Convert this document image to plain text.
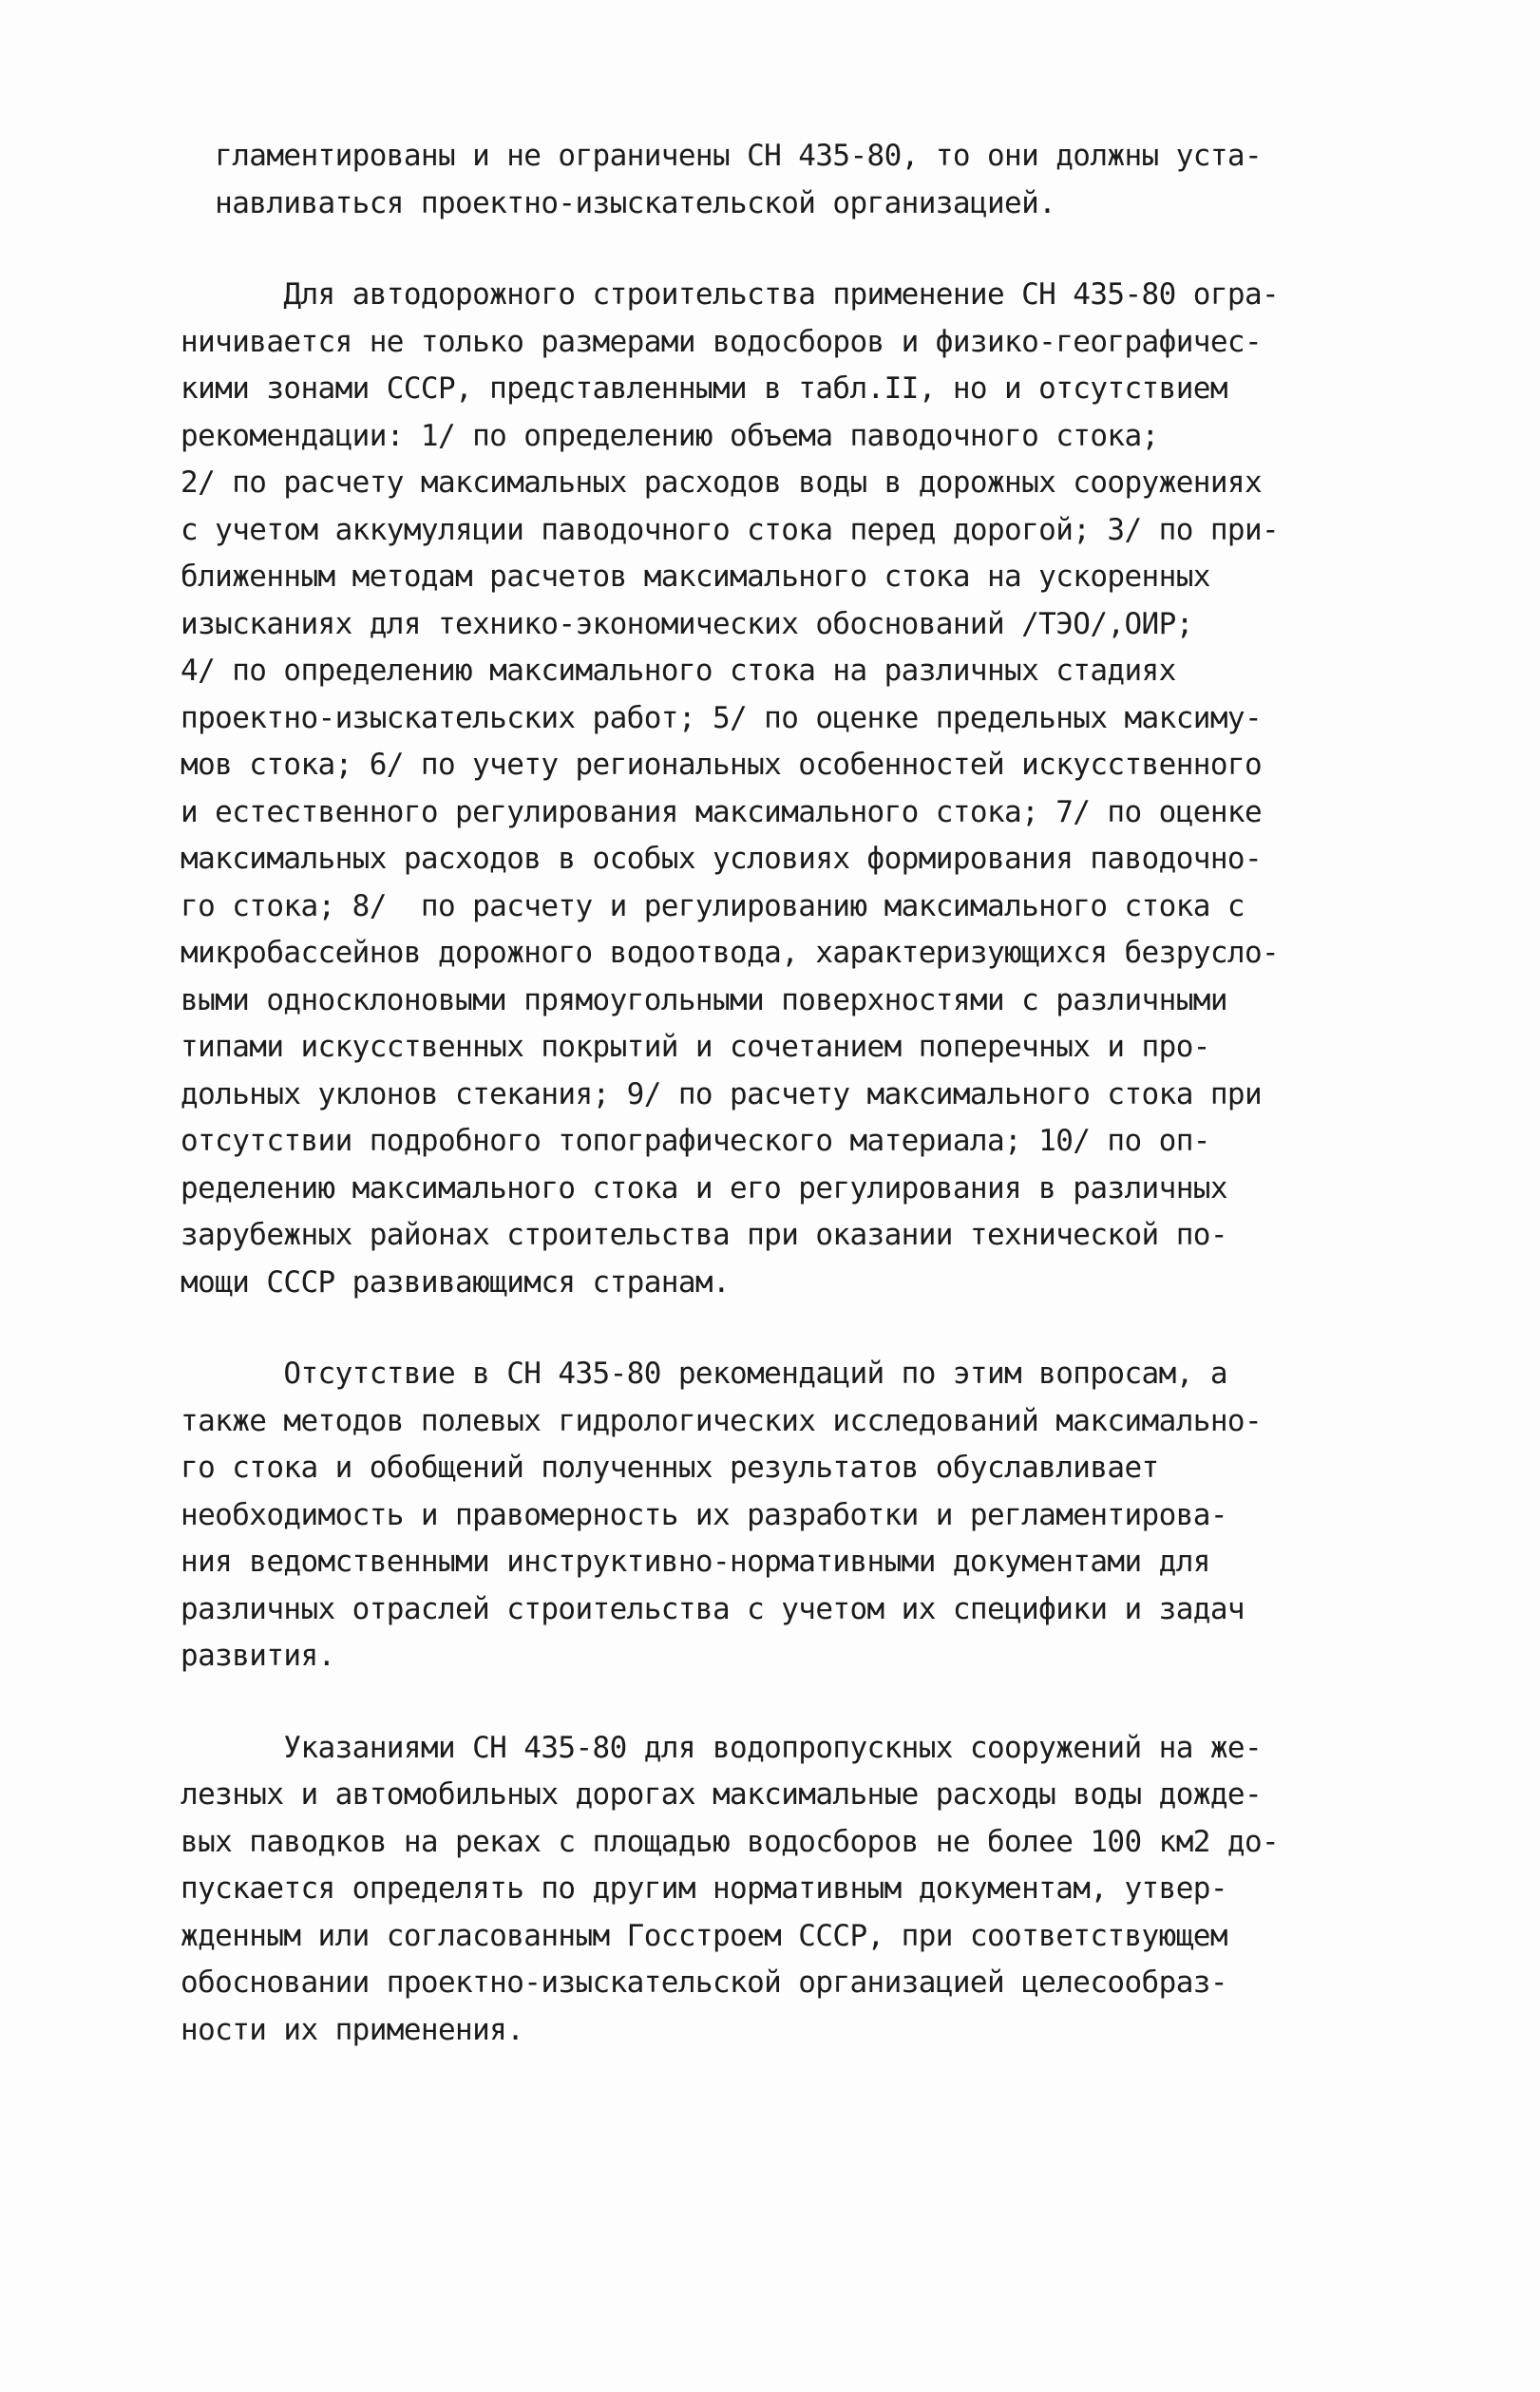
гламентированы и не ограничены СН 435-80, то они должны уста-
навливаться проектно-изыскательской организацией.
Для автодорожного строительства применение СН 435-80 огра-
ничивается не только размерами водосборов и физико-географичес-
кими зонами СССР, представленными в табл.II, но и отсутствием
рекомендации: 1/ по определению объема паводочного стока;
2/ по расчету максимальных расходов воды в дорожных сооружениях
с учетом аккумуляции паводочного стока перед дорогой; 3/ по при-
ближенным методам расчетов максимального стока на ускоренных
изысканиях для технико-экономических обоснований /ТЭО/,ОИР;
4/ по определению максимального стока на различных стадиях
проектно-изыскательских работ; 5/ по оценке предельных максиму-
мов стока; 6/ по учету региональных особенностей искусственного
и естественного регулирования максимального стока; 7/ по оценке
максимальных расходов в особых условиях формирования паводочно-
го стока; 8/  по расчету и регулированию максимального стока с
микробассейнов дорожного водоотвода, характеризующихся безрусло-
выми односклоновыми прямоугольными поверхностями с различными
типами искусственных покрытий и сочетанием поперечных и про-
дольных уклонов стекания; 9/ по расчету максимального стока при
отсутствии подробного топографического материала; 10/ по оп-
ределению максимального стока и его регулирования в различных
зарубежных районах строительства при оказании технической по-
мощи СССР развивающимся странам.
Отсутствие в СН 435-80 рекомендаций по этим вопросам, а
также методов полевых гидрологических исследований максимально-
го стока и обобщений полученных результатов обуславливает
необходимость и правомерность их разработки и регламентирова-
ния ведомственными инструктивно-нормативными документами для
различных отраслей строительства с учетом их специфики и задач
развития.
Указаниями СН 435-80 для водопропускных сооружений на же-
лезных и автомобильных дорогах максимальные расходы воды дожде-
вых паводков на реках с площадью водосборов не более 100 км2 до-
пускается определять по другим нормативным документам, утвер-
жденным или согласованным Госстроем СССР, при соответствующем
обосновании проектно-изыскательской организацией целесообраз-
ности их применения.
